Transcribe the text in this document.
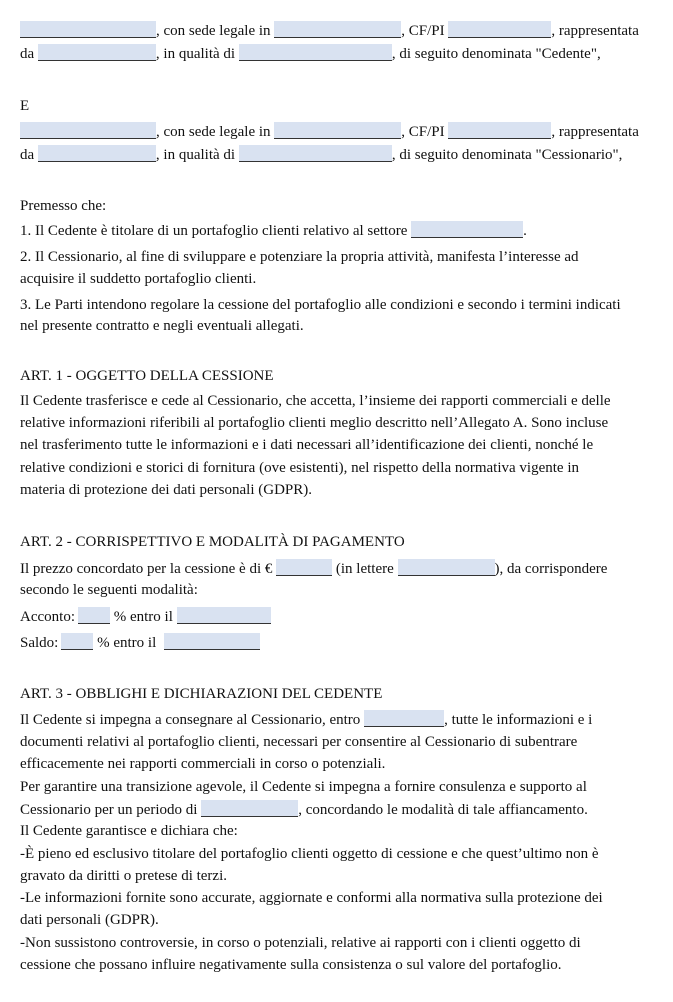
, con sede legale in	, CF/PI	, rappresentata
da	, in qualità di	, di seguito denominata "Cedente",
E
, con sede legale in	, CF/PI	, rappresentata
da	, in qualità di	, di seguito denominata "Cessionario",
Premesso che:
1. Il Cedente è titolare di un portafoglio clienti relativo al settore	.
2. Il Cessionario, al fine di sviluppare e potenziare la propria attività, manifesta l’interesse ad
acquisire il suddetto portafoglio clienti.
3. Le Parti intendono regolare la cessione del portafoglio alle condizioni e secondo i termini indicati
nel presente contratto e negli eventuali allegati.
ART. 1 - OGGETTO DELLA CESSIONE
Il Cedente trasferisce e cede al Cessionario, che accetta, l’insieme dei rapporti commerciali e delle
relative informazioni riferibili al portafoglio clienti meglio descritto nell’Allegato A. Sono incluse
nel trasferimento tutte le informazioni e i dati necessari all’identificazione dei clienti, nonché le
relative condizioni e storici di fornitura (ove esistenti), nel rispetto della normativa vigente in
materia di protezione dei dati personali (GDPR).
ART. 2 - CORRISPETTIVO E MODALITÀ DI PAGAMENTO
Il prezzo concordato per la cessione è di €	(in lettere	), da corrispondere
secondo le seguenti modalità:
Acconto:	% entro il
Saldo:	% entro il
ART. 3 - OBBLIGHI E DICHIARAZIONI DEL CEDENTE
Il Cedente si impegna a consegnare al Cessionario, entro	, tutte le informazioni e i
documenti relativi al portafoglio clienti, necessari per consentire al Cessionario di subentrare
efficacemente nei rapporti commerciali in corso o potenziali.
Per garantire una transizione agevole, il Cedente si impegna a fornire consulenza e supporto al
Cessionario per un periodo di	, concordando le modalità di tale affiancamento.
Il Cedente garantisce e dichiara che:
-È pieno ed esclusivo titolare del portafoglio clienti oggetto di cessione e che quest’ultimo non è
gravato da diritti o pretese di terzi.
-Le informazioni fornite sono accurate, aggiornate e conformi alla normativa sulla protezione dei
dati personali (GDPR).
-Non sussistono controversie, in corso o potenziali, relative ai rapporti con i clienti oggetto di
cessione che possano influire negativamente sulla consistenza o sul valore del portafoglio.
